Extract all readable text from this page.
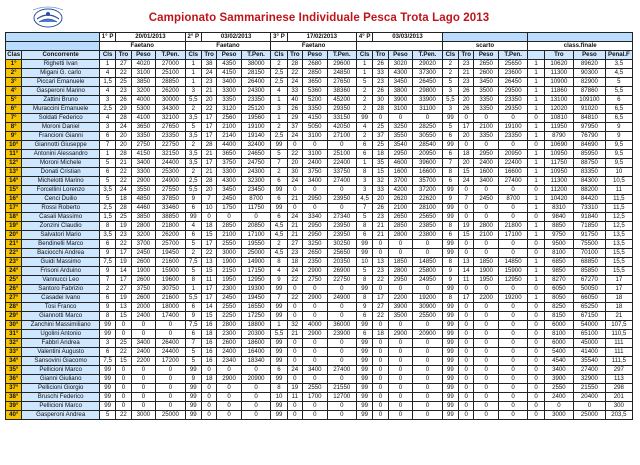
Campionato Sammarinese Individuale Pesca Trota Lago 2013
		1° P	20/01/2013			2° P	03/02/2013			3° P	17/02/2013			4° P	03/03/2013										
		Faetano				Faetano				Faetano								scarto				class.finale			
Clas	Concorrente	Cls	Tro	Peso	T.Pen.	Cls	Tro	Peso	T.Pen.	Cls	Tro	Peso	T.Pen.	Cls	Tro	Peso	T.Pen.	Cls	Tro	Peso	T.Pen.		Tro	Peso	Penal.F
1°	Righetti Ivan	1	27	4020	27000	1	38	4350	38000	2	28	2680	29600	1	26	3020	29020	2	23	2650	25650	1	10620	89620	3,5
2°	Migani G. carlo	4	22	3100	25100	1	24	4150	28150	2,5	22	2850	24850	1	33	4300	37300	2	21	2600	23600	1	11300	90300	4,5
3°	Piccari Emanuele	1,5	25	3850	28850	1	23	3400	26400	2,5	24	3650	27650	5	23	3450	26450	5	23	3450	26450	1	10900	82900	5
4°	Gasperoni Marino	4	23	3200	26200	3	21	3300	24300	4	33	5360	38360	2	26	3800	29800	3	26	3500	29500	1	11860	87860	5,5
5°	Zattini Bruno	3	26	4000	30000	5,5	20	3350	23350	1	40	5200	45200	2	30	3900	33900	5,5	20	3350	23350	1	13100	109100	6
6°	Muraccini Emanuele	2,5	29	5300	34300	2	22	3120	25120	3	26	3350	29350	2	28	3100	31100	3	26	3350	29350	1	12020	91020	6,5
7°	Soldati Federico	4	28	4100	32100	3,5	17	2560	19560	1	29	4150	33150	99	0	0	0	99	0	0	0	0	10810	84810	6,5
8°	Moroni Daniel	3	24	3650	27650	5	17	2100	19100	2	37	5050	42050	4	25	3250	28250	5	17	2100	19100	1	11950	97950	9
9°	Francioni Gianni	6	20	3350	23350	3,5	17	2140	19140	2,5	24	3100	27100	2	37	3550	30550	6	20	3350	23350	1	8790	76790	9
10°	Giannotti Giuseppe	7	20	2750	22750	2	28	4400	32400	99	0	0	0	6	25	3540	28540	99	0	0	0	0	10690	84690	9,5
11°	Antonini Alessandro	1	28	4150	32150	3,5	21	3650	24650	5	22	3100	25100	6	18	2950	20950	6	18	2950	20950	1	10950	85950	9,5
12°	Moroni Michele	5	21	3400	24400	3,5	17	3750	24750	7	20	2400	22400	1	35	4600	39600	7	20	2400	22400	1	11750	88750	9,5
13°	Donati Cristian	6	22	3300	25300	2	21	3300	24300	2	30	3750	33750	8	15	1600	16600	8	15	1600	16600	1	10950	83350	10
14°	Michelotti Marino	5	22	2900	24900	2,5	28	4300	32300	6	24	3400	27400	3	32	3700	35700	6	24	3400	27400	1	11300	84300	10,5
15°	Forcellini Lorenzo	3,5	24	3550	27550	5,5	20	3450	23450	99	0	0	0	3	33	4200	37200	99	0	0	0	0	11200	88200	11
16°	Cenci Duilio	5	18	4850	37850	9	7	2450	8700	6	21	2950	23950	4,5	20	2620	22620	9	7	2450	8700	1	10420	84420	11,5
17°	Rossi Roberto	2,5	28	4460	33460	6	10	1750	11750	99	0	0	0	7	26	2100	28100	99	0	0	0	1	8310	73310	11,5
18°	Casali Massimo	1,5	25	3850	38850	99	0	0	0	6	24	3340	27340	5	23	2650	25650	99	0	0	0	0	9840	91840	12,5
19°	Zonzini Claudio	8	19	2800	21800	4	18	2850	20850	4,5	21	2950	23950	8	21	2850	23850	8	19	2800	21800	1	8850	71850	12,5
20°	Salvatori Mario	3,5	23	3200	26200	6	15	2100	17100	4,5	21	2950	23950	6	21	2800	23800	6	15	2100	17100	1	9750	91750	13,5
21°	Bendinelli Marco	6	22	3700	25700	5	17	2550	19550	2	27	3250	30250	99	0	0	0	99	0	0	0	0	9500	75500	13,5
22°	Baciocchi Andrea	9	17	2450	19450	2	22	3000	25000	4,5	23	2650	25650	99	0	0	0	99	0	0	0	0	8100	70100	15,5
23°	Guidi Massimo	7,5	19	2600	21600	7,5	13	1900	14900	8	18	2350	20350	10	13	1850	14850	8	13	1850	14850	1	6850	68850	15,5
24°	Frisoni Arduino	9	14	1900	15900	5	15	2150	17150	4	24	2900	26900	5	23	2800	25800	9	14	1900	15900	1	9850	85850	15,5
25°	Vannucci Leo	7	17	2600	19600	8	11	1950	12950	9	22	2750	22750	8	22	2950	24950	9	11	1950	12950	1	8270	67270	17
26°	Santoro Fabrizio	2	27	3750	30750	1	17	2300	19300	99	0	0	0	99	0	0	0	99	0	0	0	0	6050	50050	17
27°	Casadei Ivano	6	19	2600	21600	5,5	17	2450	19450	7	22	2900	24900	8	17	2200	19200	8	17	2200	19200	1	8050	66050	18
28°	Tosi Franco	9	13	2000	18000	6	14	2550	16550	99	0	0	0	9	27	3900	30900	99	0	0	0	0	8250	65250	18
29°	Giannotti Marco	8	15	2400	17400	9	15	2250	17250	99	0	0	0	6	22	3500	25500	99	0	0	0	0	8150	67150	21
30°	Zanchini Massimiliano	99	0	0	0	7,5	16	2800	18800	1	32	4000	36000	99	0	0	0	99	0	0	0	0	6000	54000	107,5
31°	Ugolini Antonio	99	0	0	0	6	18	2300	20300	5,5	21	2900	23900	6	18	2900	20900	99	0	0	0	0	8100	65100	110,5
32°	Fabbri Andrea	3	25	3400	26400	7	16	2600	18600	99	0	0	0	99	0	0	0	99	0	0	0	0	6000	45000	111
33°	Valentini Augusto	6	22	2400	24400	5	16	2400	16400	99	0	0	0	99	0	0	0	99	0	0	0	0	5400	41400	111
34°	Sansovini Giacomo	7,5	15	2200	17200	5	16	2340	18340	99	0	0	0	99	0	0	0	99	0	0	0	0	4540	35540	111,5
35°	Pellicioni Marco	99	0	0	0	99	0	0	0	6	24	3400	27400	99	0	0	0	99	0	0	0	0	3400	27400	297
36°	Gianni Giuliano	99	0	0	0	9	18	2900	20900	99	0	0	0	99	0	0	0	99	0	0	0	0	3900	32900	113
37°	Pellicioni Giorgio	99	0	0	0	99	0	0	0	8	19	2550	21550	99	0	0	0	99	0	0	0	0	2550	21550	298
38°	Bruschi Federico	99	0	0	0	99	0	0	0	10	11	1700	12700	99	0	0	0	99	0	0	0	0	2400	20400	201
39°	Pellicioni Marco	99	0	0	0	99	0	0	0	99	0	0	0	99	0	0	0	99	0	0	0	0	0	0	300
40°	Gasperoni Andrea	5	22	3000	25000	99	0	0	0	99	0	0	0	99	0	0	0	99	0	0	0	0	3000	25000	203,5
